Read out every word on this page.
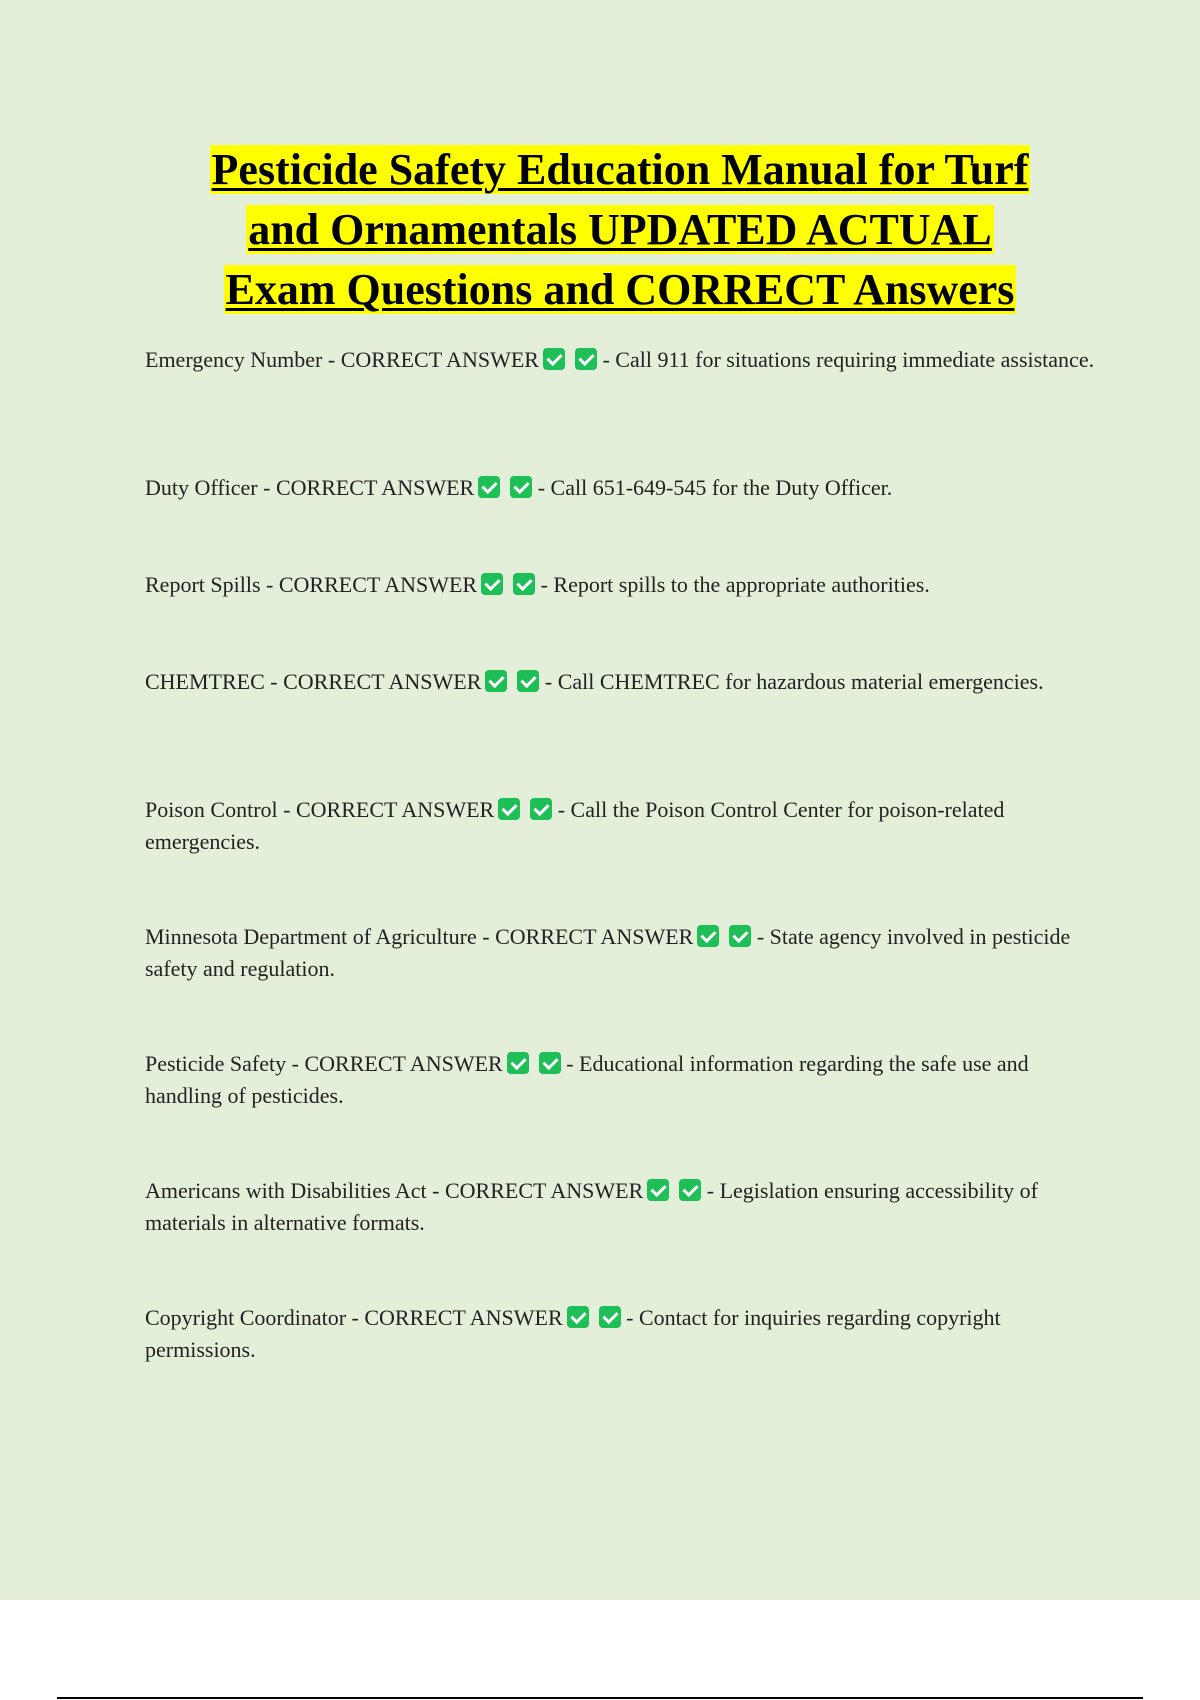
Pesticide Safety Education Manual for Turf
and Ornamentals UPDATED ACTUAL
Exam Questions and CORRECT Answers
Emergency Number - CORRECT ANSWER	- Call 911 for situations requiring immediate assistance.
Duty Officer - CORRECT ANSWER	- Call 651-649-545 for the Duty Officer.
Report Spills - CORRECT ANSWER	- Report spills to the appropriate authorities.
CHEMTREC - CORRECT ANSWER	- Call CHEMTREC for hazardous material emergencies.
Poison Control - CORRECT ANSWER	- Call the Poison Control Center for poison-related emergencies.
Minnesota Department of Agriculture - CORRECT ANSWER	- State agency involved in pesticide safety and regulation.
Pesticide Safety - CORRECT ANSWER	- Educational information regarding the safe use and handling of pesticides.
Americans with Disabilities Act - CORRECT ANSWER	- Legislation ensuring accessibility of materials in alternative formats.
Copyright Coordinator - CORRECT ANSWER	- Contact for inquiries regarding copyright permissions.
